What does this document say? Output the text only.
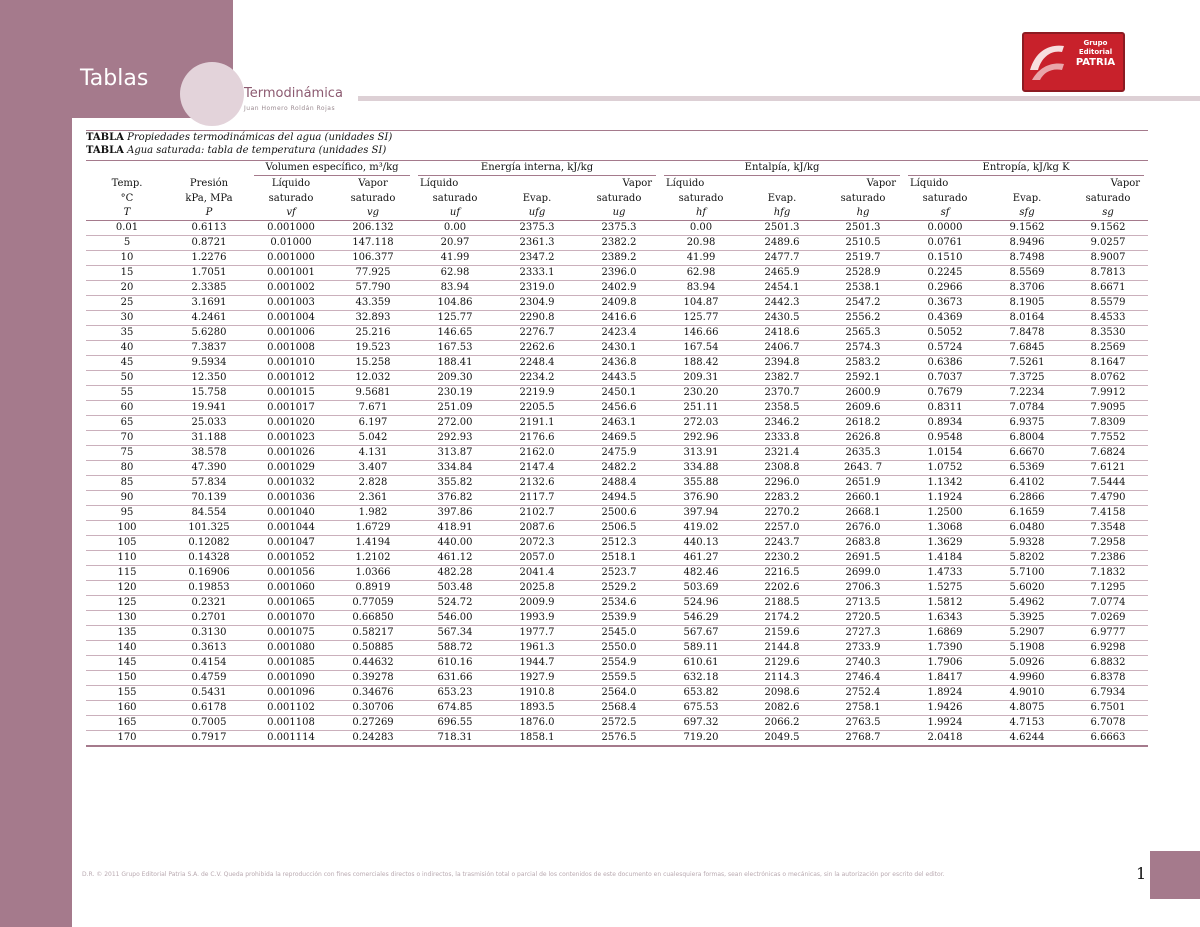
Tablas
Termodinámica
Juan Homero Roldán Rojas
Grupo
Editorial
PATRIA
TABLA Propiedades termodinámicas del agua (unidades SI)
TABLA Agua saturada: tabla de temperatura (unidades SI)

		Volumen específico, m³/kg		Energía interna, kJ/kg			Entalpía, kJ/kg			Entropía, kJ/kg K		

Temp.	Presión	Líquido	Vapor	Líquido		Vapor	Líquido		Vapor	Líquido		Vapor
°C	kPa, MPa	saturado	saturado	saturado	Evap.	saturado	saturado	Evap.	saturado	saturado	Evap.	saturado
T	P	vf	vg	uf	ufg	ug	hf	hfg	hg	sf	sfg	sg
0.01	0.6113	0.001000	206.132	0.00	2375.3	2375.3	0.00	2501.3	2501.3	0.0000	9.1562	9.1562
5	0.8721	0.01000	147.118	20.97	2361.3	2382.2	20.98	2489.6	2510.5	0.0761	8.9496	9.0257
10	1.2276	0.001000	106.377	41.99	2347.2	2389.2	41.99	2477.7	2519.7	0.1510	8.7498	8.9007
15	1.7051	0.001001	77.925	62.98	2333.1	2396.0	62.98	2465.9	2528.9	0.2245	8.5569	8.7813
20	2.3385	0.001002	57.790	83.94	2319.0	2402.9	83.94	2454.1	2538.1	0.2966	8.3706	8.6671
25	3.1691	0.001003	43.359	104.86	2304.9	2409.8	104.87	2442.3	2547.2	0.3673	8.1905	8.5579
30	4.2461	0.001004	32.893	125.77	2290.8	2416.6	125.77	2430.5	2556.2	0.4369	8.0164	8.4533
35	5.6280	0.001006	25.216	146.65	2276.7	2423.4	146.66	2418.6	2565.3	0.5052	7.8478	8.3530
40	7.3837	0.001008	19.523	167.53	2262.6	2430.1	167.54	2406.7	2574.3	0.5724	7.6845	8.2569
45	9.5934	0.001010	15.258	188.41	2248.4	2436.8	188.42	2394.8	2583.2	0.6386	7.5261	8.1647
50	12.350	0.001012	12.032	209.30	2234.2	2443.5	209.31	2382.7	2592.1	0.7037	7.3725	8.0762
55	15.758	0.001015	9.5681	230.19	2219.9	2450.1	230.20	2370.7	2600.9	0.7679	7.2234	7.9912
60	19.941	0.001017	7.671	251.09	2205.5	2456.6	251.11	2358.5	2609.6	0.8311	7.0784	7.9095
65	25.033	0.001020	6.197	272.00	2191.1	2463.1	272.03	2346.2	2618.2	0.8934	6.9375	7.8309
70	31.188	0.001023	5.042	292.93	2176.6	2469.5	292.96	2333.8	2626.8	0.9548	6.8004	7.7552
75	38.578	0.001026	4.131	313.87	2162.0	2475.9	313.91	2321.4	2635.3	1.0154	6.6670	7.6824
80	47.390	0.001029	3.407	334.84	2147.4	2482.2	334.88	2308.8	2643. 7	1.0752	6.5369	7.6121
85	57.834	0.001032	2.828	355.82	2132.6	2488.4	355.88	2296.0	2651.9	1.1342	6.4102	7.5444
90	70.139	0.001036	2.361	376.82	2117.7	2494.5	376.90	2283.2	2660.1	1.1924	6.2866	7.4790
95	84.554	0.001040	1.982	397.86	2102.7	2500.6	397.94	2270.2	2668.1	1.2500	6.1659	7.4158
100	101.325	0.001044	1.6729	418.91	2087.6	2506.5	419.02	2257.0	2676.0	1.3068	6.0480	7.3548
105	0.12082	0.001047	1.4194	440.00	2072.3	2512.3	440.13	2243.7	2683.8	1.3629	5.9328	7.2958
110	0.14328	0.001052	1.2102	461.12	2057.0	2518.1	461.27	2230.2	2691.5	1.4184	5.8202	7.2386
115	0.16906	0.001056	1.0366	482.28	2041.4	2523.7	482.46	2216.5	2699.0	1.4733	5.7100	7.1832
120	0.19853	0.001060	0.8919	503.48	2025.8	2529.2	503.69	2202.6	2706.3	1.5275	5.6020	7.1295
125	0.2321	0.001065	0.77059	524.72	2009.9	2534.6	524.96	2188.5	2713.5	1.5812	5.4962	7.0774
130	0.2701	0.001070	0.66850	546.00	1993.9	2539.9	546.29	2174.2	2720.5	1.6343	5.3925	7.0269
135	0.3130	0.001075	0.58217	567.34	1977.7	2545.0	567.67	2159.6	2727.3	1.6869	5.2907	6.9777
140	0.3613	0.001080	0.50885	588.72	1961.3	2550.0	589.11	2144.8	2733.9	1.7390	5.1908	6.9298
145	0.4154	0.001085	0.44632	610.16	1944.7	2554.9	610.61	2129.6	2740.3	1.7906	5.0926	6.8832
150	0.4759	0.001090	0.39278	631.66	1927.9	2559.5	632.18	2114.3	2746.4	1.8417	4.9960	6.8378
155	0.5431	0.001096	0.34676	653.23	1910.8	2564.0	653.82	2098.6	2752.4	1.8924	4.9010	6.7934
160	0.6178	0.001102	0.30706	674.85	1893.5	2568.4	675.53	2082.6	2758.1	1.9426	4.8075	6.7501
165	0.7005	0.001108	0.27269	696.55	1876.0	2572.5	697.32	2066.2	2763.5	1.9924	4.7153	6.7078
170	0.7917	0.001114	0.24283	718.31	1858.1	2576.5	719.20	2049.5	2768.7	2.0418	4.6244	6.6663
D.R. © 2011 Grupo Editorial Patria S.A. de C.V. Queda prohibida la reproducción con fines comerciales directos o indirectos, la trasmisión total o parcial de los contenidos de este documento en cualesquiera formas, sean electrónicas o mecánicas, sin la autorización por escrito del editor.	1
